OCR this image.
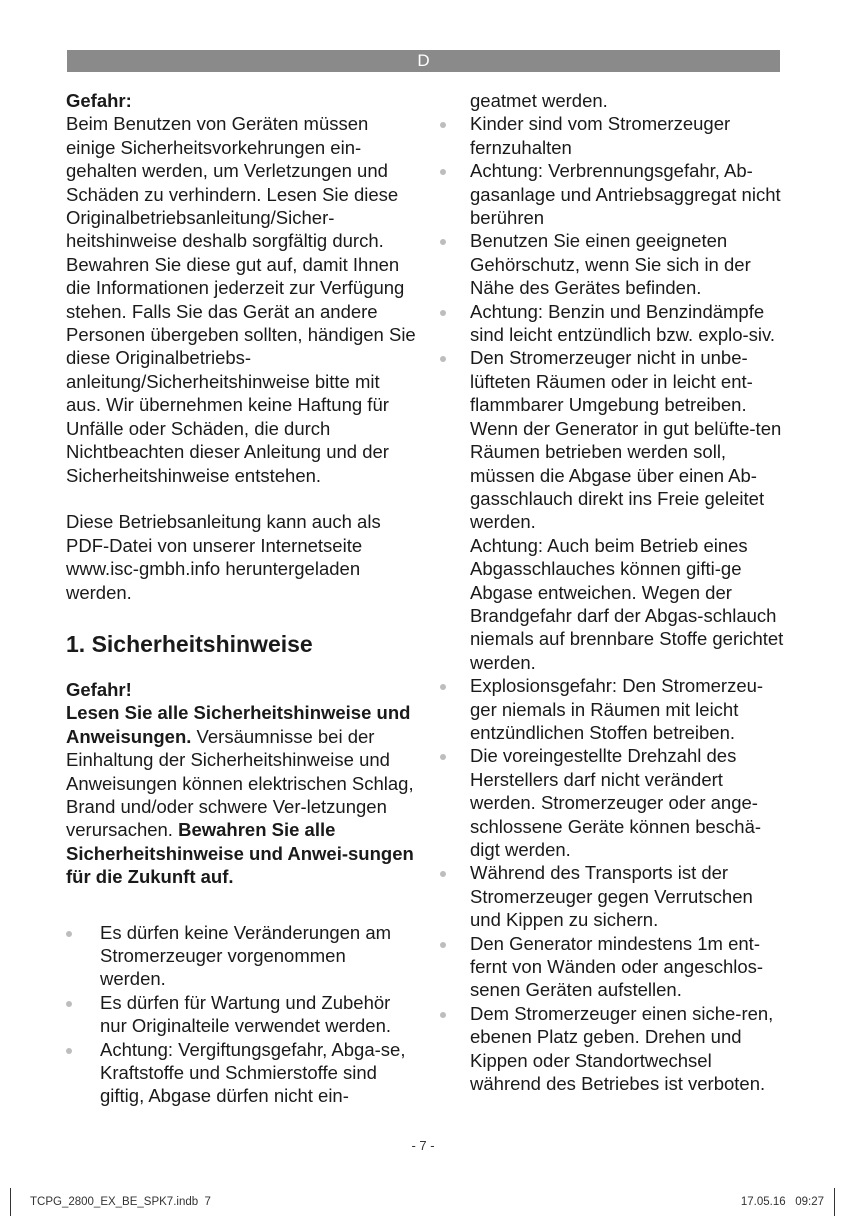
D

Gefahr:

Beim Benutzen von Geräten müssen einige Sicherheitsvorkehrungen ein-gehalten werden, um Verletzungen und Schäden zu verhindern. Lesen Sie diese Originalbetriebsanleitung/Sicher-heitshinweise deshalb sorgfältig durch. Bewahren Sie diese gut auf, damit Ihnen die Informationen jederzeit zur Verfügung stehen. Falls Sie das Gerät an andere Personen übergeben sollten, händigen Sie diese Originalbetriebs-anleitung/Sicherheitshinweise bitte mit aus. Wir übernehmen keine Haftung für Unfälle oder Schäden, die durch Nichtbeachten dieser Anleitung und der Sicherheitshinweise entstehen.

Diese Betriebsanleitung kann auch als PDF-Datei von unserer Internetseite www.isc-gmbh.info heruntergeladen werden.

1. Sicherheitshinweise

Gefahr!

Lesen Sie alle Sicherheitshinweise und Anweisungen. Versäumnisse bei der Einhaltung der Sicherheitshinweise und Anweisungen können elektrischen Schlag, Brand und/oder schwere Ver-letzungen verursachen. Bewahren Sie alle Sicherheitshinweise und Anwei-sungen für die Zukunft auf.

Es dürfen keine Veränderungen am Stromerzeuger vorgenommen werden.
Es dürfen für Wartung und Zubehör nur Originalteile verwendet werden.
Achtung: Vergiftungsgefahr, Abga-se, Kraftstoffe und Schmierstoffe sind giftig, Abgase dürfen nicht ein-

geatmet werden.

Kinder sind vom Stromerzeuger fernzuhalten
Achtung: Verbrennungsgefahr, Ab-gasanlage und Antriebsaggregat nicht berühren
Benutzen Sie einen geeigneten Gehörschutz, wenn Sie sich in der Nähe des Gerätes befinden.
Achtung: Benzin und Benzindämpfe sind leicht entzündlich bzw. explo-siv.
Den Stromerzeuger nicht in unbe-lüfteten Räumen oder in leicht ent-flammbarer Umgebung betreiben. Wenn der Generator in gut belüfte-ten Räumen betrieben werden soll, müssen die Abgase über einen Ab-gasschlauch direkt ins Freie geleitet werden.
Achtung: Auch beim Betrieb eines Abgasschlauches können gifti-ge Abgase entweichen. Wegen der Brandgefahr darf der Abgas-schlauch niemals auf brennbare Stoffe gerichtet werden.
Explosionsgefahr: Den Stromerzeu-ger niemals in Räumen mit leicht entzündlichen Stoffen betreiben.
Die voreingestellte Drehzahl des Herstellers darf nicht verändert werden. Stromerzeuger oder ange-schlossene Geräte können beschä-digt werden.
Während des Transports ist der Stromerzeuger gegen Verrutschen und Kippen zu sichern.
Den Generator mindestens 1m ent-fernt von Wänden oder angeschlos-senen Geräten aufstellen.
Dem Stromerzeuger einen siche-ren, ebenen Platz geben. Drehen und Kippen oder Standortwechsel während des Betriebes ist verboten.
- 7 -
TCPG_2800_EX_BE_SPK7.indb  7	17.05.16   09:27
